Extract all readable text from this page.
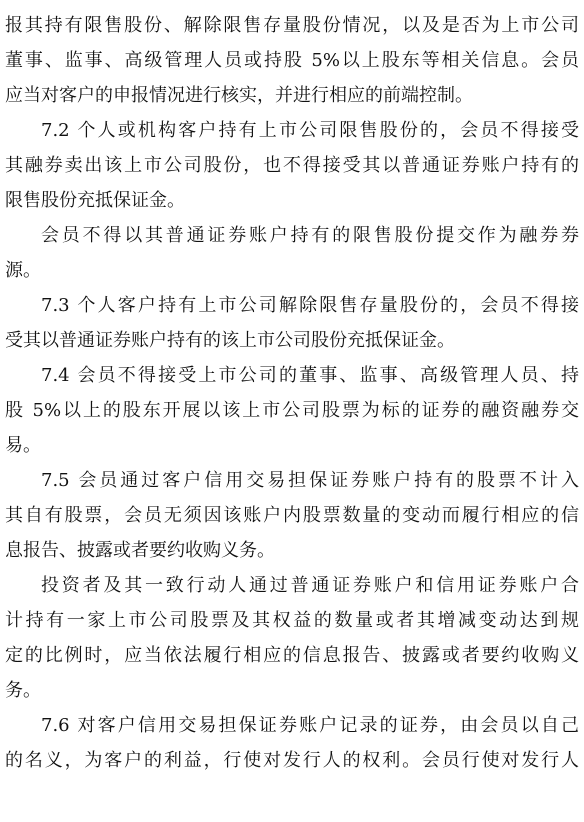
报其持有限售股份、解除限售存量股份情况，以及是否为上市公司
董事、监事、高级管理人员或持股 5%以上股东等相关信息。会员
应当对客户的申报情况进行核实，并进行相应的前端控制。

7.2 个人或机构客户持有上市公司限售股份的，会员不得接受
其融券卖出该上市公司股份，也不得接受其以普通证券账户持有的
限售股份充抵保证金。

会员不得以其普通证券账户持有的限售股份提交作为融券券
源。

7.3 个人客户持有上市公司解除限售存量股份的，会员不得接
受其以普通证券账户持有的该上市公司股份充抵保证金。

7.4 会员不得接受上市公司的董事、监事、高级管理人员、持
股 5%以上的股东开展以该上市公司股票为标的证券的融资融券交
易。

7.5 会员通过客户信用交易担保证券账户持有的股票不计入
其自有股票，会员无须因该账户内股票数量的变动而履行相应的信
息报告、披露或者要约收购义务。

投资者及其一致行动人通过普通证券账户和信用证券账户合
计持有一家上市公司股票及其权益的数量或者其增减变动达到规
定的比例时，应当依法履行相应的信息报告、披露或者要约收购义
务。

7.6 对客户信用交易担保证券账户记录的证券，由会员以自己
的名义，为客户的利益，行使对发行人的权利。会员行使对发行人
